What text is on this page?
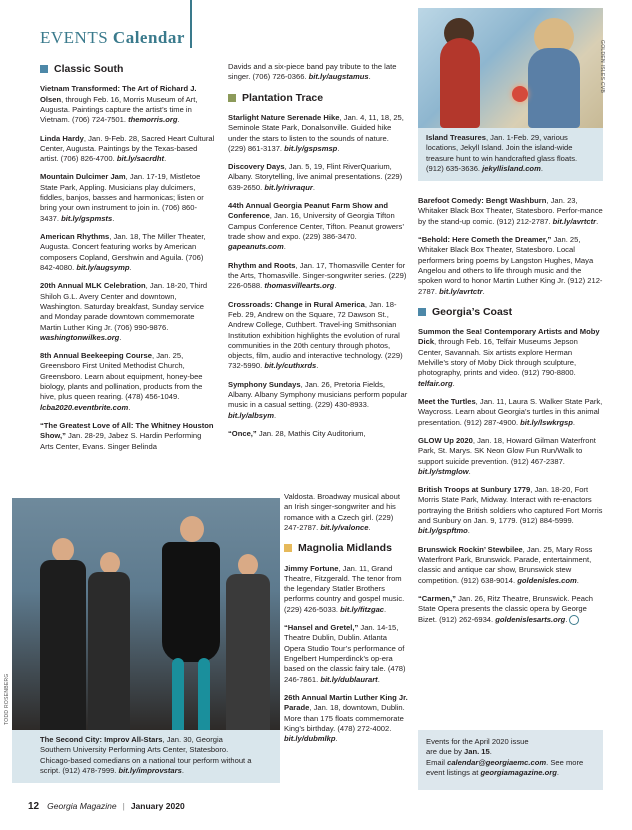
EVENTS Calendar
Classic South

Vietnam Transformed: The Art of Richard J. Olsen, through Feb. 16, Morris Museum of Art, Augusta. Paintings capture the artist’s time in Vietnam. (706) 724-7501. themorris.org.

Linda Hardy, Jan. 9-Feb. 28, Sacred Heart Cultural Center, Augusta. Paintings by the Texas-based artist. (706) 826-4700. bit.ly/sacrdht.

Mountain Dulcimer Jam, Jan. 17-19, Mistletoe State Park, Appling. Musicians play dulcimers, fiddles, banjos, basses and harmonicas; listen or bring your own instrument to join in. (706) 860-3437. bit.ly/gspmsts.

American Rhythms, Jan. 18, The Miller Theater, Augusta. Concert featuring works by American composers Copland, Gershwin and Aguila. (706) 842-4080. bit.ly/augsymp.

20th Annual MLK Celebration, Jan. 18-20, Third Shiloh G.L. Avery Center and downtown, Washington. Saturday breakfast, Sunday service and Monday parade downtown commemorate Martin Luther King Jr. (706) 990-9876. washingtonwilkes.org.

8th Annual Beekeeping Course, Jan. 25, Greensboro First United Methodist Church, Greensboro. Learn about equipment, honey-bee biology, plants and pollination, products from the hive, plus queen rearing. (478) 456-1049. lcba2020.eventbrite.com.

“The Greatest Love of All: The Whitney Houston Show,” Jan. 28-29, Jabez S. Hardin Performing Arts Center, Evans. Singer Belinda

Davids and a six-piece band pay tribute to the late singer. (706) 726-0366. bit.ly/augstamus.

Plantation Trace

Starlight Nature Serenade Hike, Jan. 4, 11, 18, 25, Seminole State Park, Donalsonville. Guided hike under the stars to listen to the sounds of nature. (229) 861-3137. bit.ly/gspsmsp.

Discovery Days, Jan. 5, 19, Flint RiverQuarium, Albany. Storytelling, live animal presentations. (229) 639-2650. bit.ly/rivraqur.

44th Annual Georgia Peanut Farm Show and Conference, Jan. 16, University of Georgia Tifton Campus Conference Center, Tifton. Peanut growers’ trade show and expo. (229) 386-3470. gapeanuts.com.

Rhythm and Roots, Jan. 17, Thomasville Center for the Arts, Thomasville. Singer-songwriter series. (229) 226-0588. thomasvillearts.org.

Crossroads: Change in Rural America, Jan. 18-Feb. 29, Andrew on the Square, 72 Dawson St., Andrew College, Cuthbert. Travel-ing Smithsonian Institution exhibition highlights the evolution of rural communities in the 20th century through photos, objects, film, audio and interactive technology. (229) 732-5990. bit.ly/cuthxrds.

Symphony Sundays, Jan. 26, Pretoria Fields, Albany. Albany Symphony musicians perform popular music in a casual setting. (229) 430-8933. bit.ly/albsym.

“Once,” Jan. 28, Mathis City Auditorium,

Valdosta. Broadway musical about an Irish singer-songwriter and his romance with a Czech girl. (229) 247-2787. bit.ly/valonce.

Magnolia Midlands

Jimmy Fortune, Jan. 11, Grand Theatre, Fitzgerald. The tenor from the legendary Statler Brothers performs country and gospel music. (229) 426-5033. bit.ly/fitzgac.

“Hansel and Gretel,” Jan. 14-15, Theatre Dublin, Dublin. Atlanta Opera Studio Tour’s performance of Engelbert Humperdinck’s op-era based on the classic fairy tale. (478) 246-7861. bit.ly/dublaurart.

26th Annual Martin Luther King Jr. Parade, Jan. 18, downtown, Dublin. More than 175 floats commemorate King’s birthday. (478) 272-4002. bit.ly/dubmlkp.

GOLDEN ISLES CVB
Island Treasures, Jan. 1-Feb. 29, various locations, Jekyll Island. Join the island-wide treasure hunt to win handcrafted glass floats. (912) 635-3636. jekyllisland.com.

Barefoot Comedy: Bengt Washburn, Jan. 23, Whitaker Black Box Theater, Statesboro. Perfor-mance by the stand-up comic. (912) 212-2787. bit.ly/avrtctr.

“Behold: Here Cometh the Dreamer,” Jan. 25, Whitaker Black Box Theater, Statesboro. Local performers bring poems by Langston Hughes, Maya Angelou and others to life through music and the spoken word to honor Martin Luther King Jr. (912) 212-2787. bit.ly/avrtctr.

Georgia’s Coast

Summon the Sea! Contemporary Artists and Moby Dick, through Feb. 16, Telfair Museums Jepson Center, Savannah. Six artists explore Herman Melville’s story of Moby Dick through sculpture, photography, prints and video. (912) 790-8800. telfair.org.

Meet the Turtles, Jan. 11, Laura S. Walker State Park, Waycross. Learn about Georgia’s turtles in this animal presentation. (912) 287-4900. bit.ly/lswkrgsp.

GLOW Up 2020, Jan. 18, Howard Gilman Waterfront Park, St. Marys. SK Neon Glow Fun Run/Walk to support suicide prevention. (912) 467-2387. bit.ly/stmglow.

British Troops at Sunbury 1779, Jan. 18-20, Fort Morris State Park, Midway. Interact with re-enactors portraying the British soldiers who captured Fort Morris and Sunbury on Jan. 9, 1779. (912) 884-5999. bit.ly/gspftmo.

Brunswick Rockin’ Stewbilee, Jan. 25, Mary Ross Waterfront Park, Brunswick. Parade, entertainment, classic and antique car show, Brunswick stew competition. (912) 638-9014. goldenisles.com.

“Carmen,” Jan. 26, Ritz Theatre, Brunswick. Peach State Opera presents the classic opera by George Bizet. (912) 262-6934. goldenislesarts.org.

TODD ROSENBERG
The Second City: Improv All-Stars, Jan. 30, Georgia Southern University Performing Arts Center, Statesboro. Chicago-based comedians on a national tour perform without a script. (912) 478-7999. bit.ly/improvstars.
Events for the April 2020 issue
are due by Jan. 15.
Email calendar@georgiaemc.com. See more
event listings at georgiamagazine.org.
12 Georgia Magazine | January 2020
